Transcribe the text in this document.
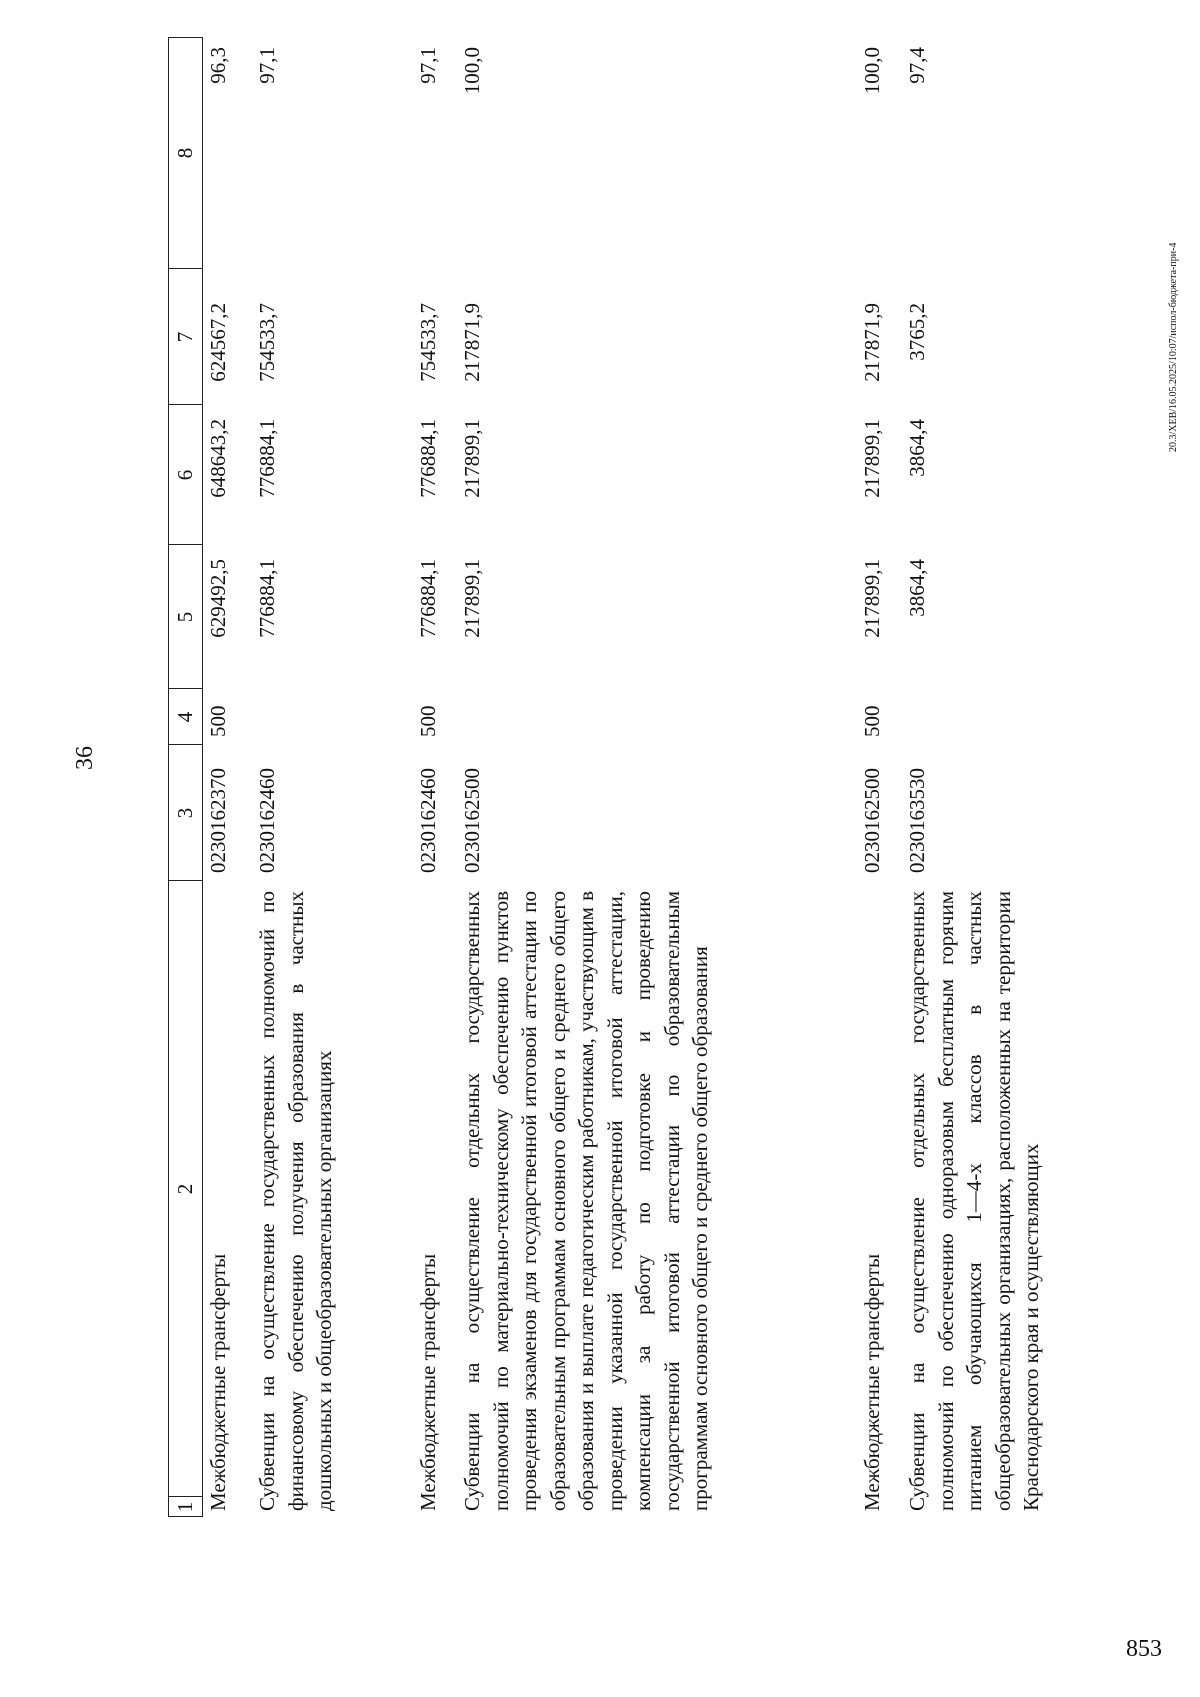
36
1
2
3
4
5
6
7
8
Межбюджетные трансферты
0230162370
500
629492,5
648643,2
624567,2
96,3
Субвенции на осуществление государственных полномочий по финансовому обеспечению получения образования в частных дошкольных и общеобразовательных организациях
0230162460
776884,1
776884,1
754533,7
97,1
Межбюджетные трансферты
0230162460
500
776884,1
776884,1
754533,7
97,1
Субвенции на осуществление отдельных государственных полномочий по материально-техническому обеспечению пунктов проведения экзаменов для государственной итоговой аттестации по образовательным программам основного общего и среднего общего образования и выплате педагогическим работникам, участвующим в проведении указанной государственной итоговой аттестации, компенсации за работу по подготовке и проведению государственной итоговой аттестации по образовательным программам основного общего и среднего общего образования
0230162500
217899,1
217899,1
217871,9
100,0
Межбюджетные трансферты
0230162500
500
217899,1
217899,1
217871,9
100,0
Субвенции на осуществление отдельных государственных полномочий по обеспечению одноразовым бесплатным горячим питанием обучающихся 1—4-х классов в частных общеобразовательных организациях, расположенных на территории Краснодарского края и осуществляющих
0230163530
3864,4
3864,4
3765,2
97,4
20.3/XEB/16.05.2025/10:07/испол-бюджета-при-4
853
